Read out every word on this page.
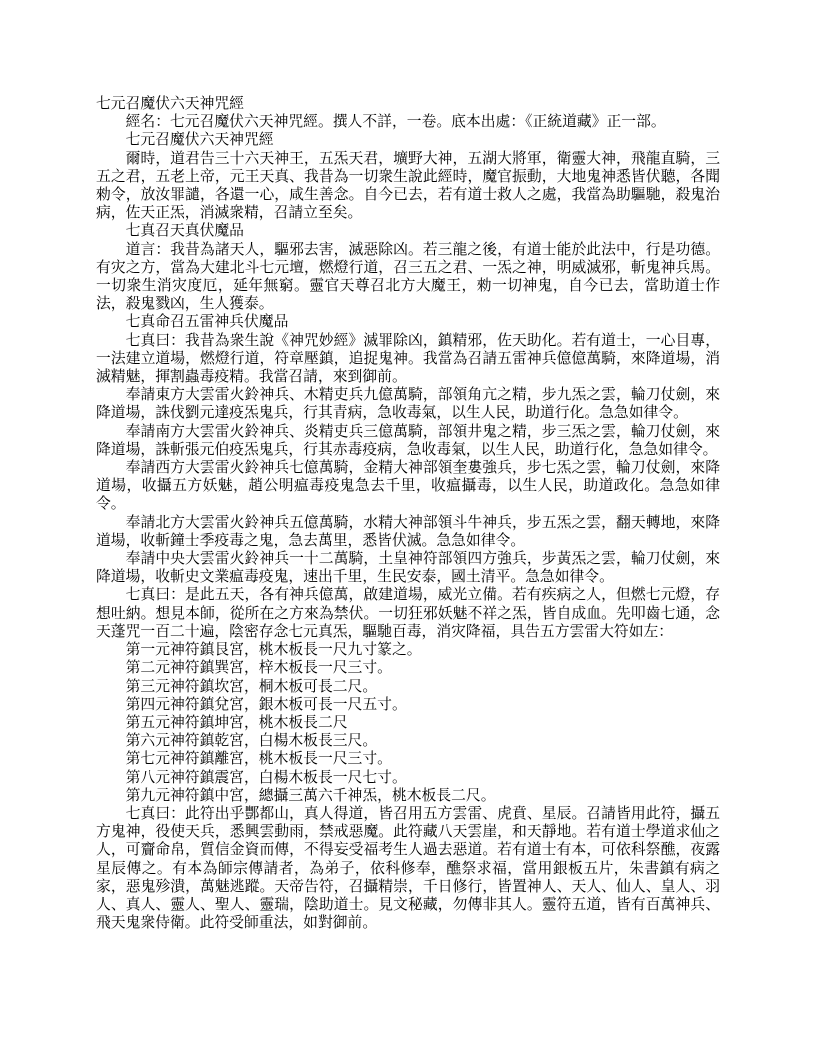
七元召魔伏六天神咒經

經名：七元召魔伏六天神咒經。撰人不詳，一卷。底本出處：《正統道藏》正一部。

七元召魔伏六天神咒經

爾時，道君告三十六天神王，五炁天君，壙野大神，五湖大將軍，衛靈大神，飛龍直騎，三五之君，五老上帝，元王天真、我昔為一切衆生說此經時，魔官振動，大地鬼神悉皆伏聽，各聞勑令，放汝罪譴，各還一心，咸生善念。自今已去，若有道士救人之處，我當為助驅馳，殺鬼治病，佐天正炁，消滅衆精，召請立至矣。

七真召天真伏魔品

道言：我昔為諸天人，驅邪去害，滅惡除凶。若三龍之後，有道士能於此法中，行是功德。有灾之方，當為大建北斗七元壇，燃燈行道，召三五之君、一炁之神，明威滅邪，斬鬼神兵馬。一切衆生消灾度厄，延年無窮。靈官天尊召北方大魔王，勑一切神鬼，自今已去，當助道士作法，殺鬼戮凶，生人獲泰。

七真命召五雷神兵伏魔品

七真曰：我昔為衆生說《神咒妙經》滅罪除凶，鎮精邪，佐天助化。若有道士，一心目專，一法建立道場，燃燈行道，符章壓鎮，追捉鬼神。我當為召請五雷神兵億億萬騎，來降道場，消滅精魅，揮割蟲毒疫精。我當召請，來到御前。

奉請東方大雲雷火鈴神兵、木精吏兵九億萬騎，部領角亢之精，步九炁之雲，輪刀仗劍，來降道場，誅伐劉元達疫炁鬼兵，行其青病，急收毒氣，以生人民，助道行化。急急如律令。

奉請南方大雲雷火鈴神兵、炎精吏兵三億萬騎，部領井鬼之精，步三炁之雲，輪刀仗劍，來降道場，誅斬張元伯疫炁鬼兵，行其赤毒疫病，急收毒氣，以生人民，助道行化，急急如律令。

奉請西方大雲雷火鈴神兵七億萬騎，金精大神部領奎婁強兵，步七炁之雲，輪刀仗劍，來降道場，收攝五方妖魅，趙公明瘟毒疫鬼急去千里，收瘟攝毒，以生人民，助道政化。急急如律令。

奉請北方大雲雷火鈴神兵五億萬騎，水精大神部領斗牛神兵，步五炁之雲，翻天轉地，來降道場，收斬鐘士季疫毒之鬼，急去萬里，悉皆伏滅。急急如律令。

奉請中央大雲雷火鈴神兵一十二萬騎，土皇神符部領四方強兵，步黃炁之雲，輪刀仗劍，來降道場，收斬史文業瘟毒疫鬼，速出千里，生民安泰，國土清平。急急如律令。

七真曰：是此五天，各有神兵億萬，啟建道場，威光立備。若有疾病之人，但燃七元燈，存想吐納。想見本師，從所在之方來為禁伏。一切狂邪妖魅不祥之炁，皆自成血。先叩齒七通，念天蓬咒一百二十遍，陰密存念七元真炁，驅馳百毒，消灾降福，具告五方雲雷大符如左：

第一元神符鎮艮宮，桃木板長一尺九寸篆之。

第二元神符鎮巽宮，梓木板長一尺三寸。

第三元神符鎮坎宮，桐木板可長二尺。

第四元神符鎮兌宮，銀木板可長一尺五寸。

第五元神符鎮坤宮，桃木板長二尺

第六元神符鎮乾宮，白楊木板長三尺。

第七元神符鎮離宮，桃木板長一尺三寸。

第八元神符鎮震宮，白楊木板長一尺七寸。

第九元神符鎮中宮，總攝三萬六千神炁，桃木板長二尺。

七真曰：此符出乎酆都山，真人得道，皆召用五方雲雷、虎賁、星辰。召請皆用此符，攝五方鬼神，役使天兵，悉興雲動雨，禁戒惡魔。此符藏八天雲崖，和天靜地。若有道士學道求仙之人，可齎命帛，質信金資而傳，不得妄受福考生人過去惡道。若有道士有本，可依科祭醮，夜露星辰傳之。有本為師宗傳請者，為弟子，依科修奉，醮祭求福，當用銀板五片，朱書鎮有病之家，惡鬼殄潰，萬魅逃蹤。天帝告符，召攝精崇，千日修行，皆置神人、天人、仙人、皇人、羽人、真人、靈人、聖人、靈瑞，陰助道士。見文秘藏，勿傳非其人。靈符五道，皆有百萬神兵、飛天鬼衆侍衛。此符受師重法，如對御前。
